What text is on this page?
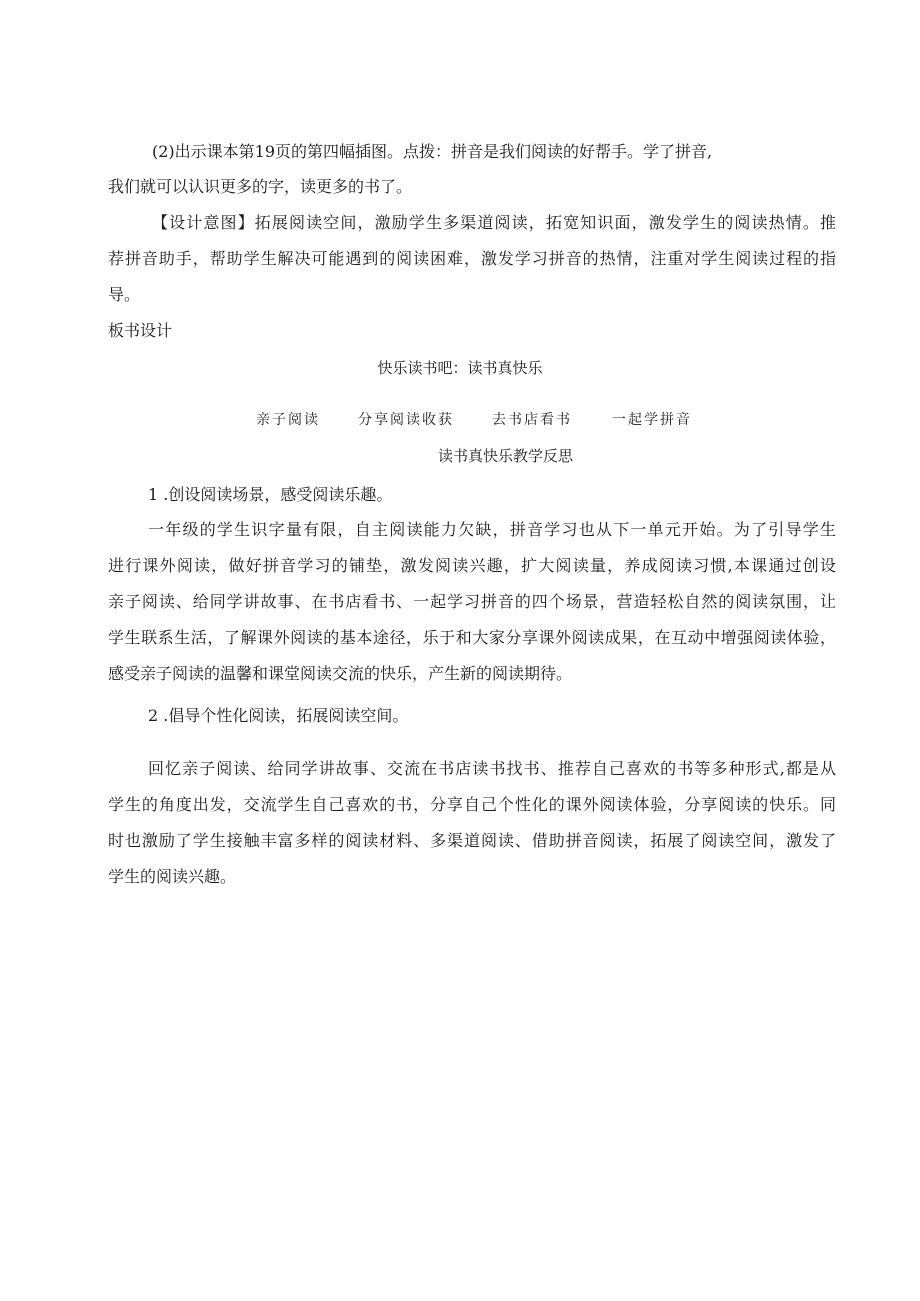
(2)出示课本第19页的第四幅插图。点拨：拼音是我们阅读的好帮手。学了拼音,
我们就可以认识更多的字，读更多的书了。
【设计意图】拓展阅读空间，激励学生多渠道阅读，拓宽知识面，激发学生的阅读热情。推
荐拼音助手，帮助学生解决可能遇到的阅读困难，激发学习拼音的热情，注重对学生阅读过程的指
导。
板书设计
快乐读书吧：读书真快乐
亲子阅读	分享阅读收获	去书店看书	一起学拼音
读书真快乐教学反思
1 .创设阅读场景，感受阅读乐趣。
一年级的学生识字量有限，自主阅读能力欠缺，拼音学习也从下一单元开始。为了引导学生
进行课外阅读，做好拼音学习的铺垫，激发阅读兴趣，扩大阅读量，养成阅读习惯,本课通过创设
亲子阅读、给同学讲故事、在书店看书、一起学习拼音的四个场景，营造轻松自然的阅读氛围，让
学生联系生活，了解课外阅读的基本途径，乐于和大家分享课外阅读成果，在互动中增强阅读体验，
感受亲子阅读的温馨和课堂阅读交流的快乐，产生新的阅读期待。
2 .倡导个性化阅读，拓展阅读空间。
回忆亲子阅读、给同学讲故事、交流在书店读书找书、推荐自己喜欢的书等多种形式,都是从
学生的角度出发，交流学生自己喜欢的书，分享自己个性化的课外阅读体验，分享阅读的快乐。同
时也激励了学生接触丰富多样的阅读材料、多渠道阅读、借助拼音阅读，拓展了阅读空间，激发了
学生的阅读兴趣。
